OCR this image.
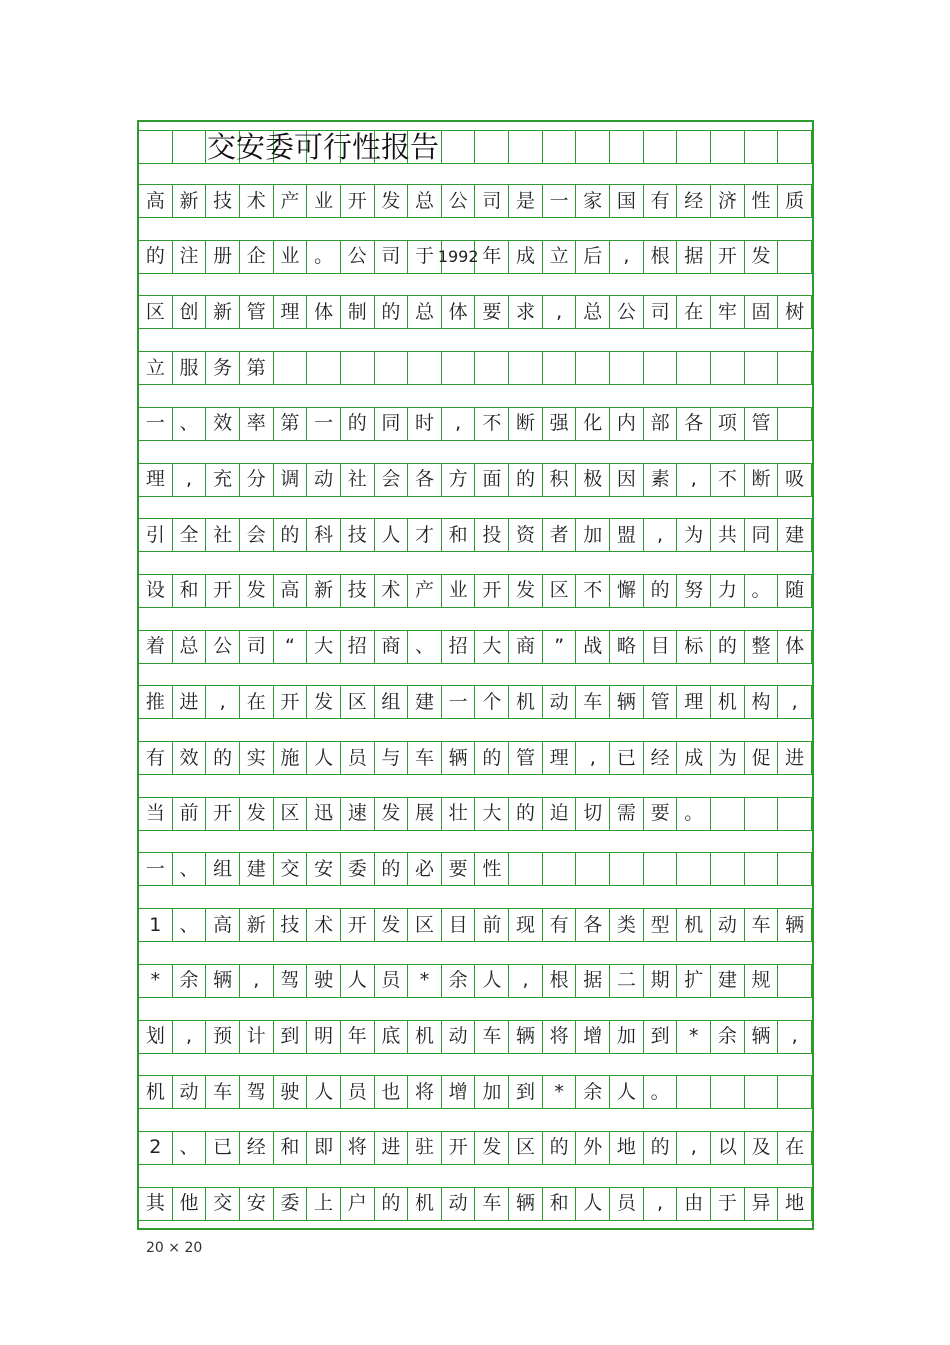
交安委可行性报告
高 新 技 术 产 业 开 发 总 公 司 是 一 家 国 有 经 济 性 质
的 注 册 企 业 。 公 司 于 1992 年 成 立 后	,	根 据 开 发
区 创 新 管 理 体 制 的 总 体 要 求	,	总 公 司 在 牢 固 树
立 服 务 第
一 、 效 率 第 一 的 同 时	,	不 断 强 化 内 部 各 项 管
理	,	充 分 调 动 社 会 各 方 面 的 积 极 因 素	,	不 断 吸
引 全 社 会 的 科 技 人 才 和 投 资 者 加 盟	,	为 共 同 建
设 和 开 发 高 新 技 术 产 业 开 发 区 不 懈 的 努 力 。 随
着 总 公 司	“	大 招 商 、 招 大 商	”	战 略 目 标 的 整 体
推 进	,	在 开 发 区 组 建 一 个 机 动 车 辆 管 理 机 构	,
有 效 的 实 施 人 员 与 车 辆 的 管 理	,	已 经 成 为 促 进
当 前 开 发 区 迅 速 发 展 壮 大 的 迫 切 需 要 。
一 、 组 建 交 安 委 的 必 要 性
1 、 高 新 技 术 开 发 区 目 前 现 有 各 类 型 机 动 车 辆
*	余 辆	,	驾 驶 人 员	*	余 人	,	根 据 二 期 扩 建 规
划	,	预 计 到 明 年 底 机 动 车 辆 将 增 加 到	*	余 辆	,
机 动 车 驾 驶 人 员 也 将 增 加 到	*	余 人 。
2 、 已 经 和 即 将 进 驻 开 发 区 的 外 地 的	,	以 及 在
其 他 交 安 委 上 户 的 机 动 车 辆 和 人 员	,	由 于 异 地
20 × 20
